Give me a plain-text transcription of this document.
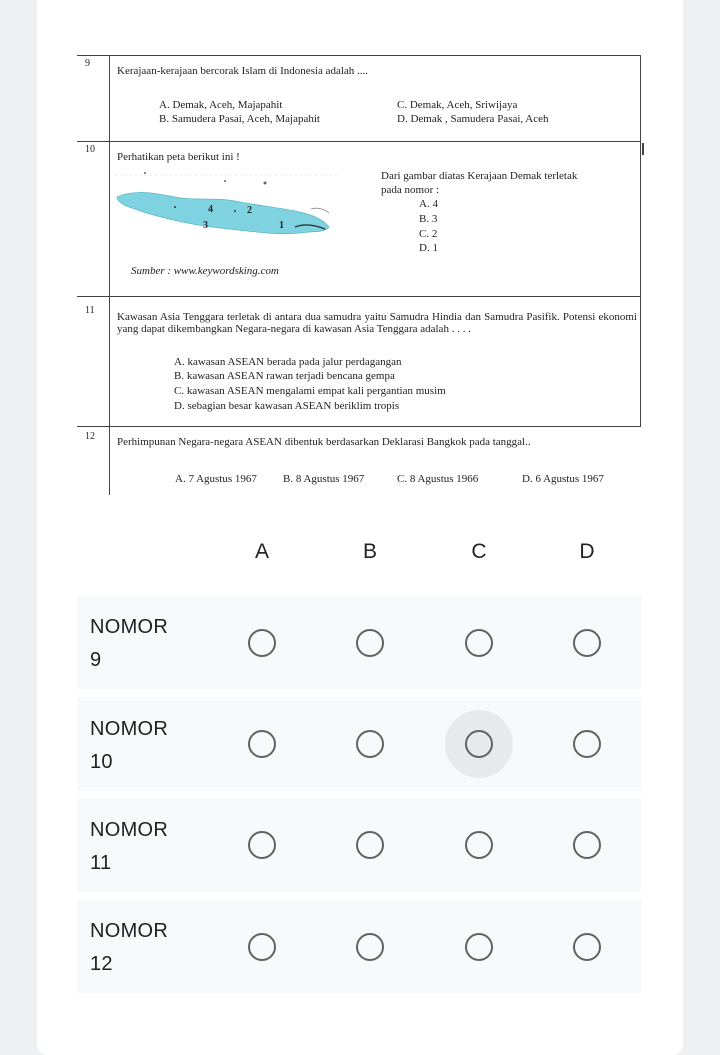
9
Kerajaan-kerajaan bercorak Islam di Indonesia adalah ....
A. Demak, Aceh, Majapahit
B. Samudera Pasai, Aceh, Majapahit
C. Demak, Aceh, Sriwijaya
D. Demak , Samudera Pasai, Aceh
10
Perhatikan peta berikut ini !
4	2
3	1
Dari gambar diatas Kerajaan Demak terletak
pada nomor :
A. 4
B. 3
C. 2
D. 1
Sumber : www.keywordsking.com
11
Kawasan Asia Tenggara terletak di antara dua samudra yaitu Samudra Hindia dan Samudra Pasifik. Potensi ekonomi yang dapat dikembangkan Negara-negara di kawasan Asia Tenggara adalah . . . .
A. kawasan ASEAN berada pada jalur perdagangan
B. kawasan ASEAN rawan terjadi bencana gempa
C. kawasan ASEAN mengalami empat kali pergantian musim
D. sebagian besar kawasan ASEAN beriklim tropis
12 Perhimpunan Negara-negara ASEAN dibentuk berdasarkan Deklarasi Bangkok pada tanggal..
A. 7 Agustus 1967 B. 8 Agustus 1967	C. 8 Agustus 1966	D. 6 Agustus 1967
A	B	C	D
NOMOR
9
NOMOR
10
NOMOR
11
NOMOR
12
